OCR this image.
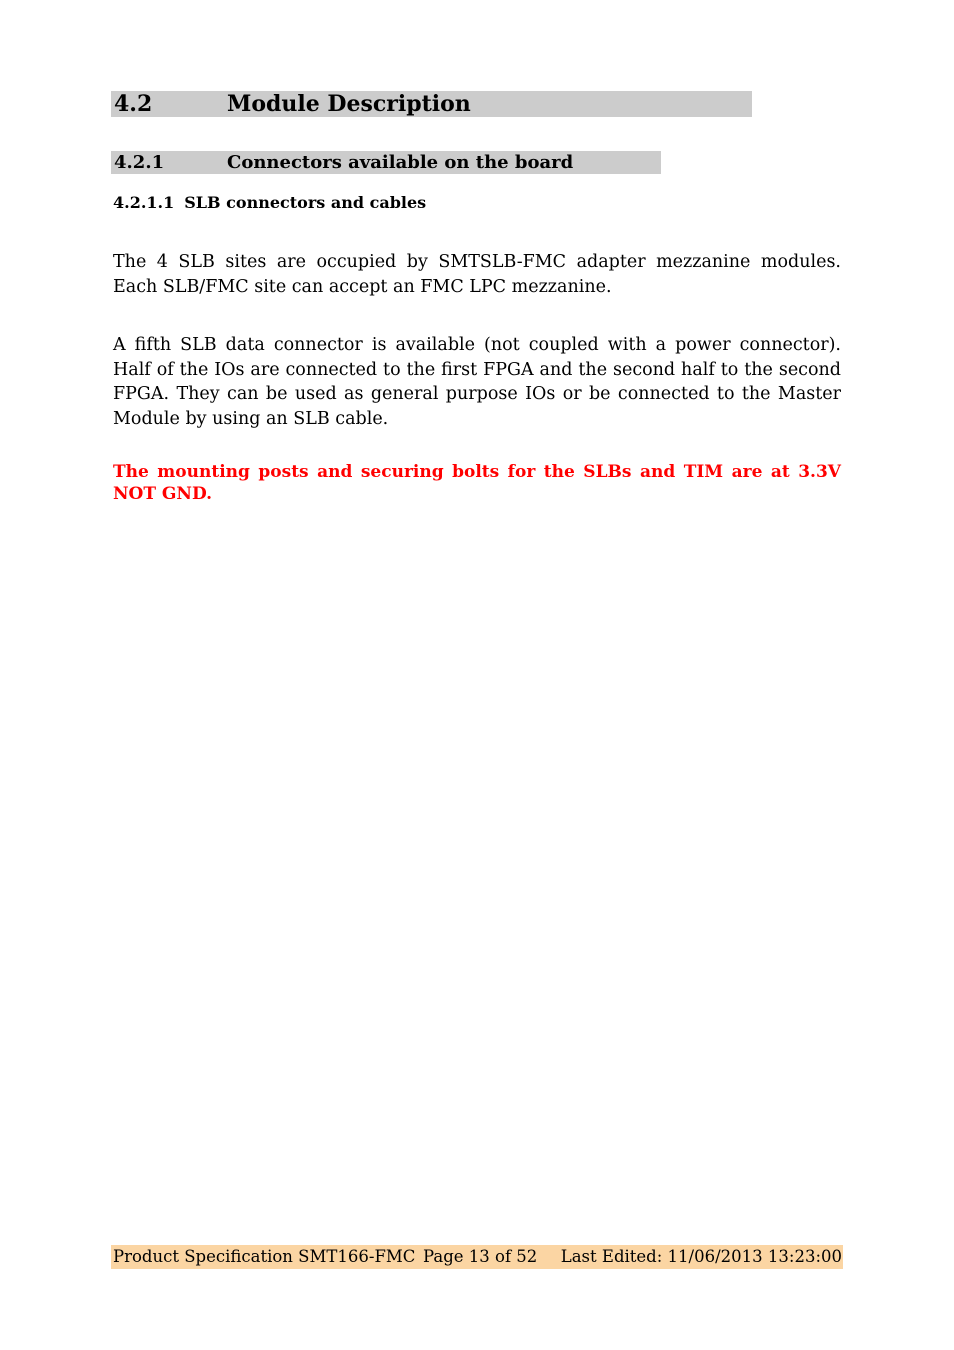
4.2	Module Description
4.2.1	Connectors available on the board
4.2.1.1 SLB connectors and cables

The 4 SLB sites are occupied by SMTSLB-FMC adapter mezzanine modules. Each SLB/FMC site can accept an FMC LPC mezzanine.

A fifth SLB data connector is available (not coupled with a power connector). Half of the IOs are connected to the first FPGA and the second half to the second FPGA. They can be used as general purpose IOs or be connected to the Master Module by using an SLB cable.

The mounting posts and securing bolts for the SLBs and TIM are at 3.3V NOT GND.

Product Specification SMT166-FMC Page 13 of 52 Last Edited: 11/06/2013 13:23:00
